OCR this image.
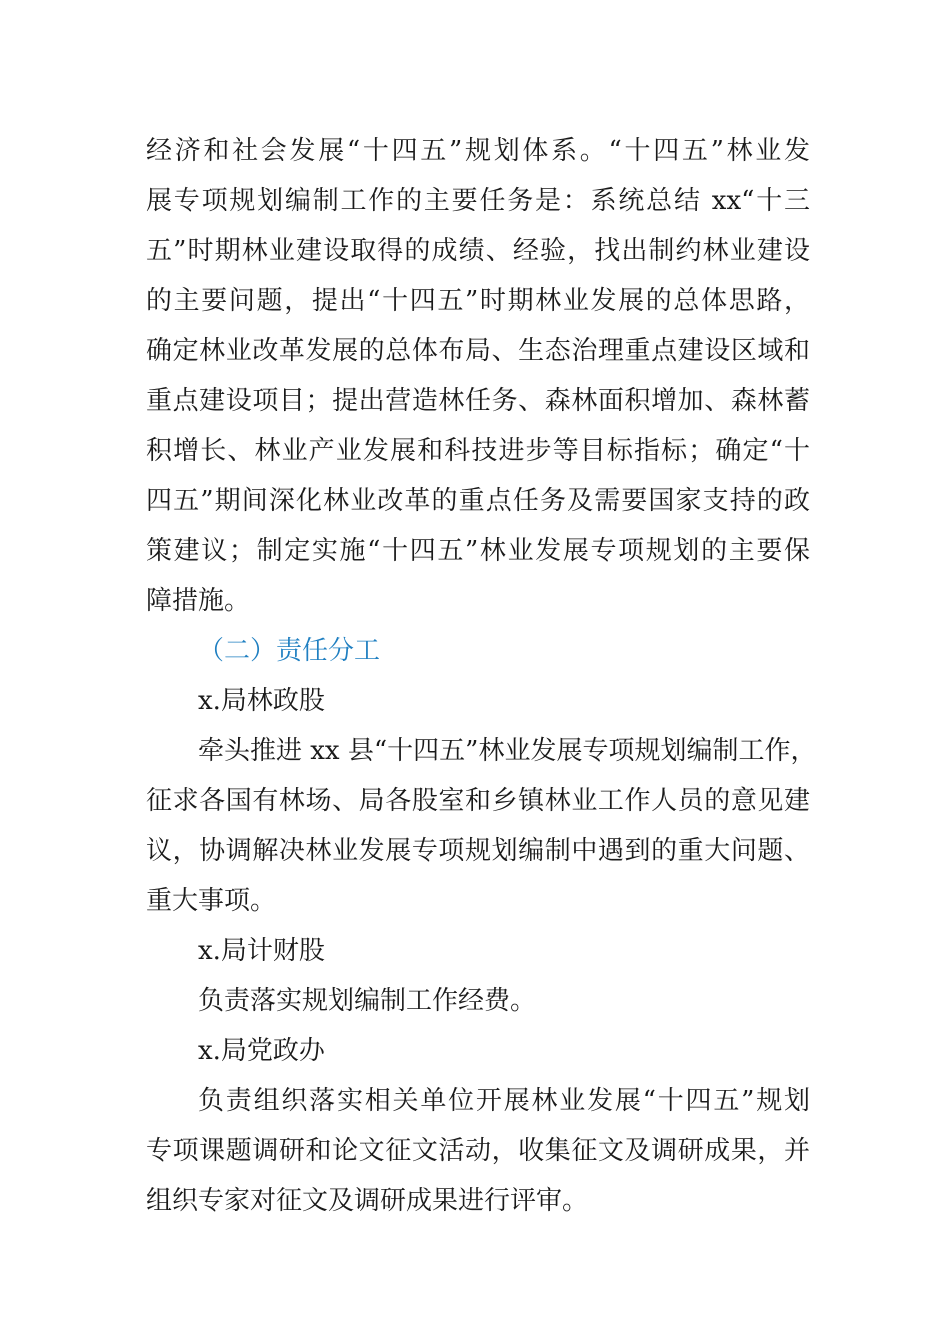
经济和社会发展“十四五”规划体系。“十四五”林业发
展专项规划编制工作的主要任务是：系统总结 xx“十三
五”时期林业建设取得的成绩、经验，找出制约林业建设
的主要问题，提出“十四五”时期林业发展的总体思路，
确定林业改革发展的总体布局、生态治理重点建设区域和
重点建设项目；提出营造林任务、森林面积增加、森林蓄
积增长、林业产业发展和科技进步等目标指标；确定“十
四五”期间深化林业改革的重点任务及需要国家支持的政
策建议；制定实施“十四五”林业发展专项规划的主要保
障措施。
（二）责任分工
x.局林政股
牵头推进 xx 县“十四五”林业发展专项规划编制工作，
征求各国有林场、局各股室和乡镇林业工作人员的意见建
议，协调解决林业发展专项规划编制中遇到的重大问题、
重大事项。
x.局计财股
负责落实规划编制工作经费。
x.局党政办
负责组织落实相关单位开展林业发展“十四五”规划
专项课题调研和论文征文活动，收集征文及调研成果，并
组织专家对征文及调研成果进行评审。
